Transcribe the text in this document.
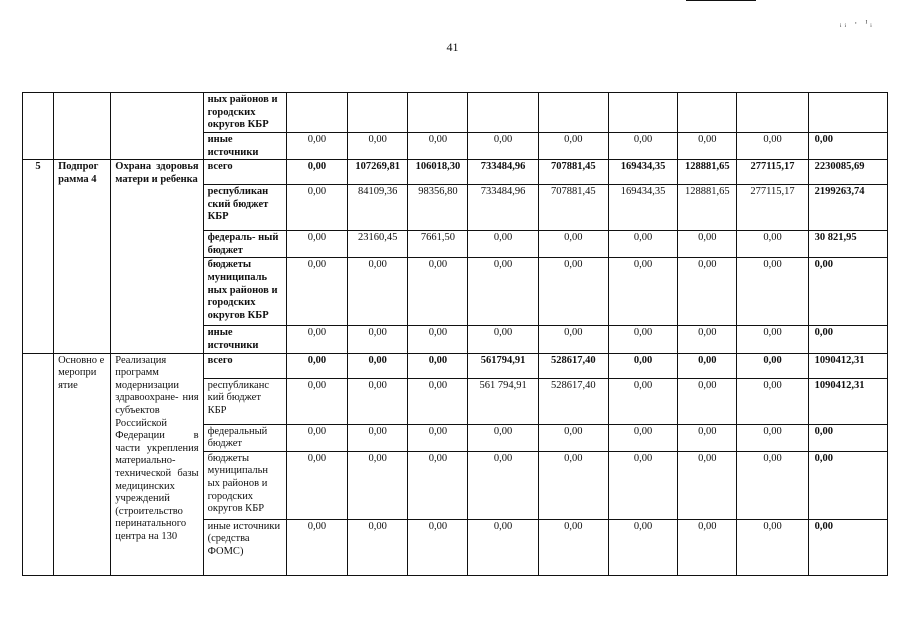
ᵢᵢ · ᴵᵢ
41
			ных районов и городских округов КБР									
			иные источники	0,00	0,00	0,00	0,00	0,00	0,00	0,00	0,00	0,00
5	Подпрог рамма 4	Охрана здоровья матери и ребенка	всего	0,00	107269,81	106018,30	733484,96	707881,45	169434,35	128881,65	277115,17	2230085,69
			республикан ский бюджет КБР	0,00	84109,36	98356,80	733484,96	707881,45	169434,35	128881,65	277115,17	2199263,74
			федераль- ный бюджет	0,00	23160,45	7661,50	0,00	0,00	0,00	0,00	0,00	30 821,95
			бюджеты муниципаль ных районов и городских округов КБР	0,00	0,00	0,00	0,00	0,00	0,00	0,00	0,00	0,00
			иные источники	0,00	0,00	0,00	0,00	0,00	0,00	0,00	0,00	0,00
	Основно е меропри ятие	Реализация программ модернизации здравоохране- ния субъектов Российской Федерации в части укрепления материально- технической базы медицинских учреждений (строительство перинатального центра на 130	всего	0,00	0,00	0,00	561794,91	528617,40	0,00	0,00	0,00	1090412,31
			республиканс кий бюджет КБР	0,00	0,00	0,00	561 794,91	528617,40	0,00	0,00	0,00	1090412,31
			федеральный бюджет	0,00	0,00	0,00	0,00	0,00	0,00	0,00	0,00	0,00
			бюджеты муниципальн ых районов и городских округов КБР	0,00	0,00	0,00	0,00	0,00	0,00	0,00	0,00	0,00
			иные источники (средства ФОМС)	0,00	0,00	0,00	0,00	0,00	0,00	0,00	0,00	0,00
